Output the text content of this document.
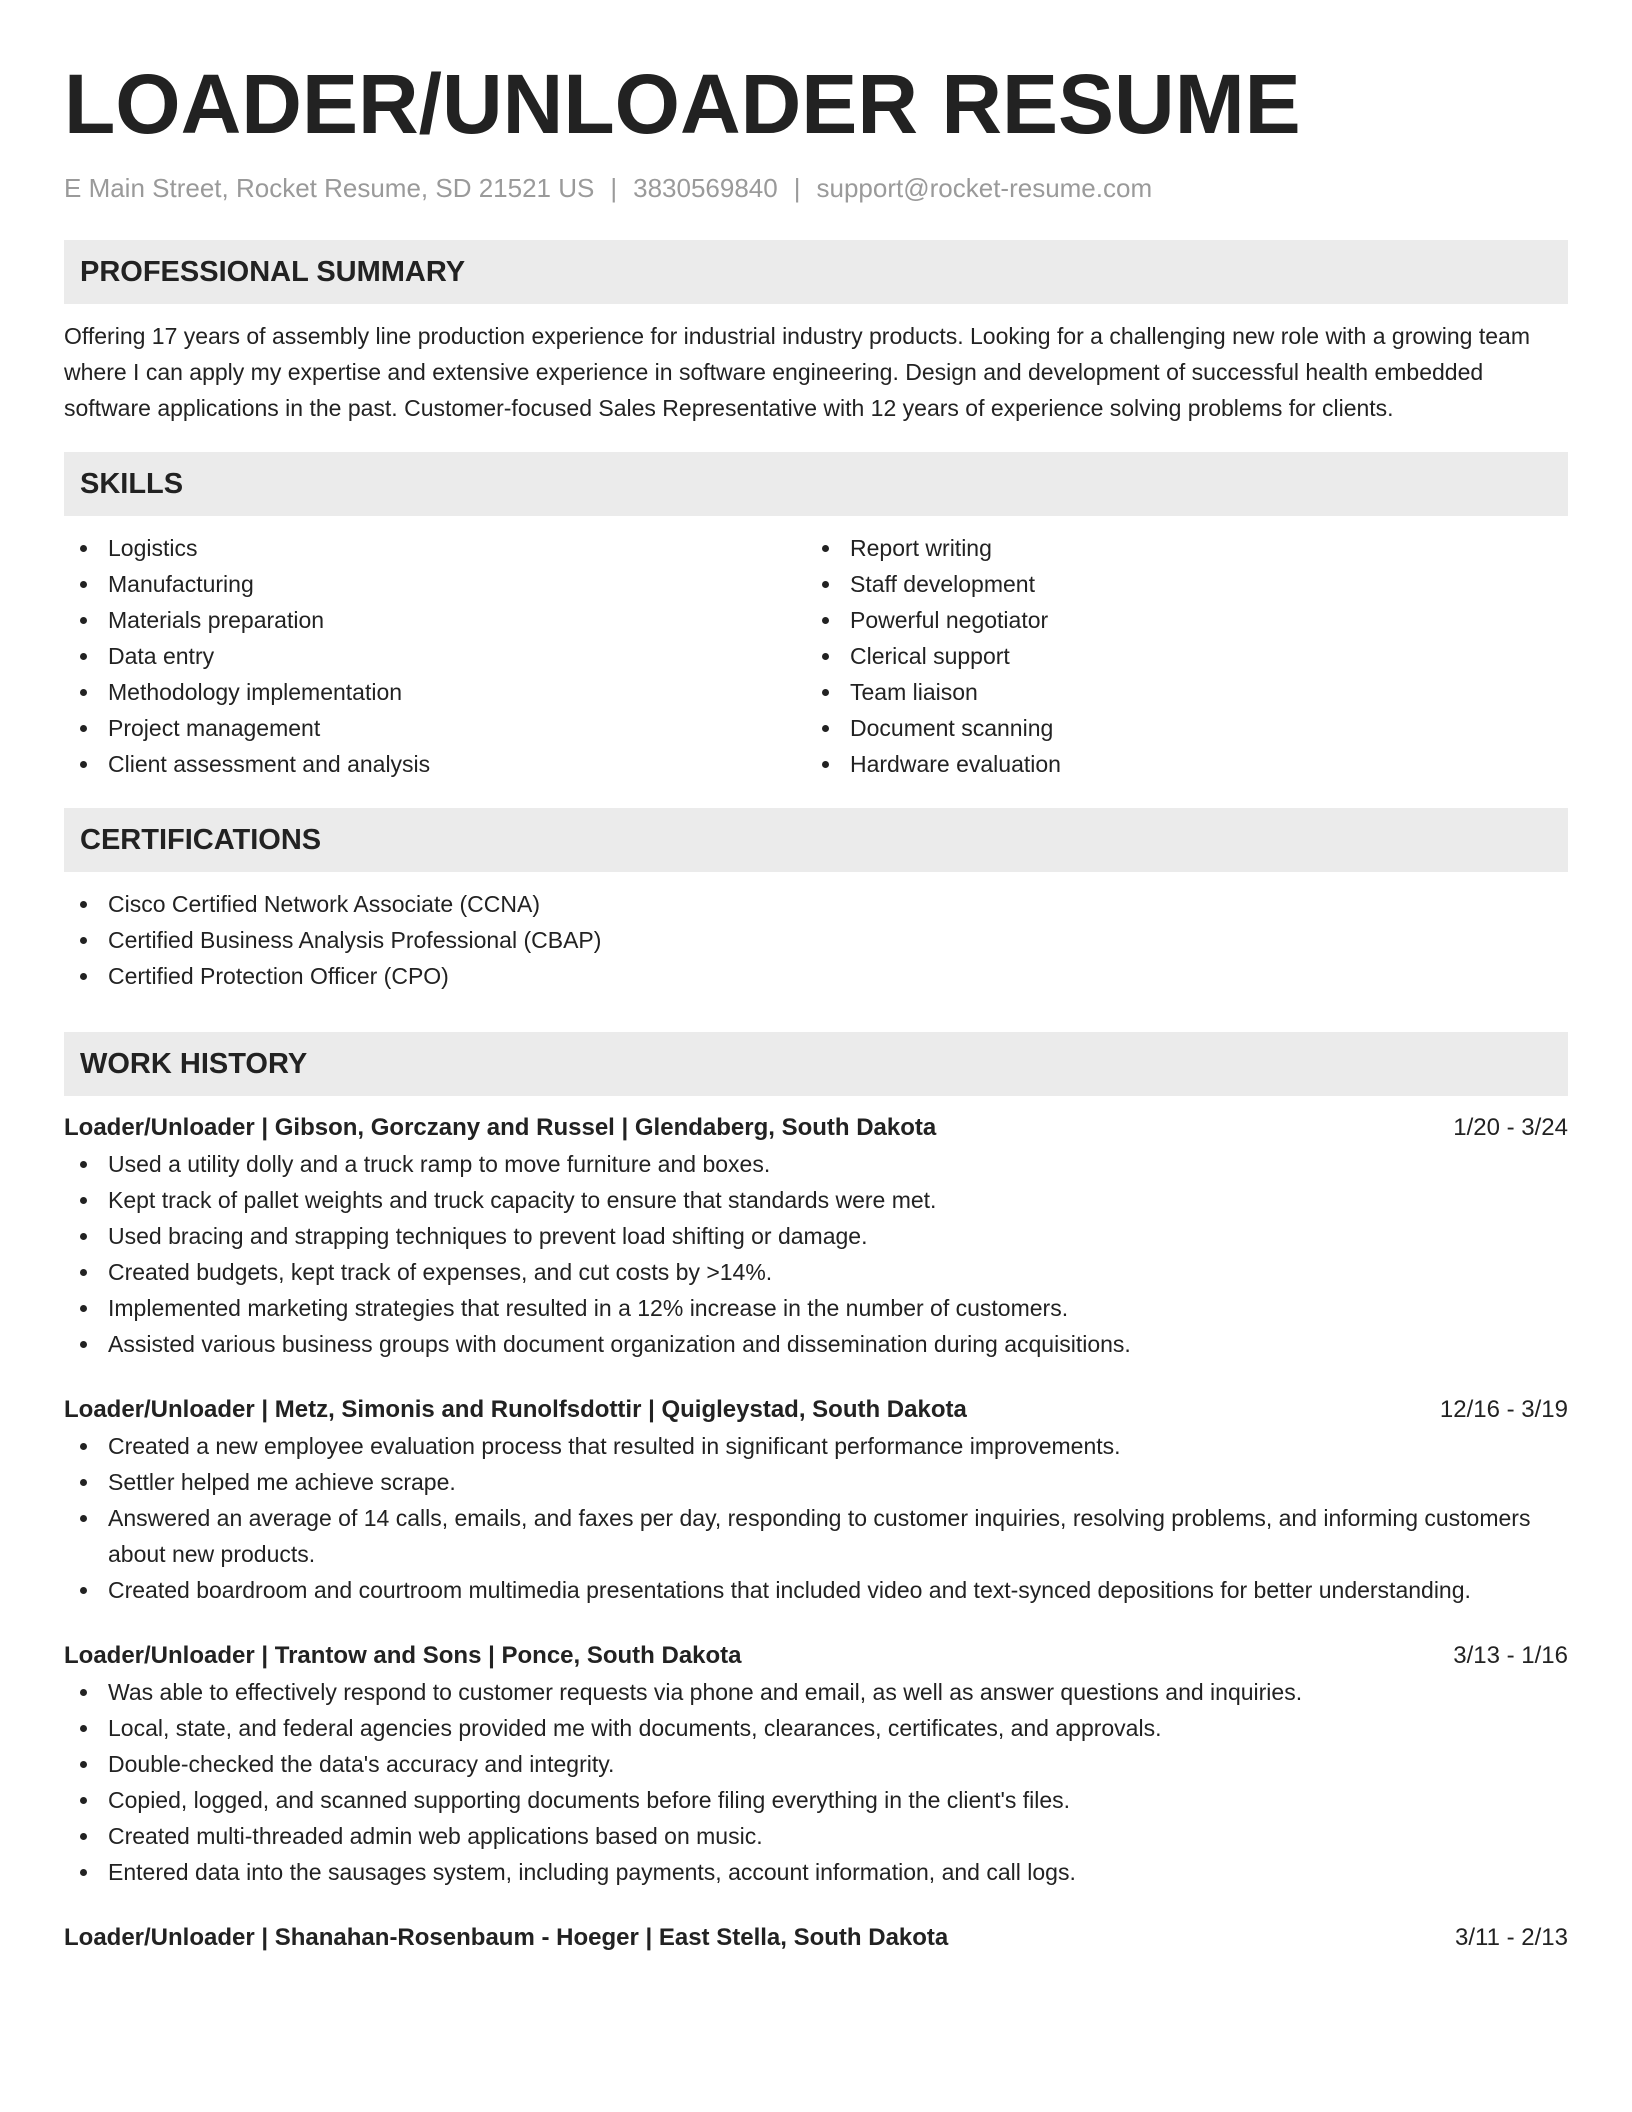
LOADER/UNLOADER RESUME
E Main Street, Rocket Resume, SD 21521 US | 3830569840 | support@rocket-resume.com
PROFESSIONAL SUMMARY

Offering 17 years of assembly line production experience for industrial industry products. Looking for a challenging new role with a growing team where I can apply my expertise and extensive experience in software engineering. Design and development of successful health embedded software applications in the past. Customer-focused Sales Representative with 12 years of experience solving problems for clients.

SKILLS
Logistics
Manufacturing
Materials preparation
Data entry
Methodology implementation
Project management
Client assessment and analysis
Report writing
Staff development
Powerful negotiator
Clerical support
Team liaison
Document scanning
Hardware evaluation
CERTIFICATIONS
Cisco Certified Network Associate (CCNA)
Certified Business Analysis Professional (CBAP)
Certified Protection Officer (CPO)
WORK HISTORY
Loader/Unloader | Gibson, Gorczany and Russel | Glendaberg, South Dakota	1/20 - 3/24
Used a utility dolly and a truck ramp to move furniture and boxes.
Kept track of pallet weights and truck capacity to ensure that standards were met.
Used bracing and strapping techniques to prevent load shifting or damage.
Created budgets, kept track of expenses, and cut costs by >14%.
Implemented marketing strategies that resulted in a 12% increase in the number of customers.
Assisted various business groups with document organization and dissemination during acquisitions.
Loader/Unloader | Metz, Simonis and Runolfsdottir | Quigleystad, South Dakota	12/16 - 3/19
Created a new employee evaluation process that resulted in significant performance improvements.
Settler helped me achieve scrape.
Answered an average of 14 calls, emails, and faxes per day, responding to customer inquiries, resolving problems, and informing customers about new products.
Created boardroom and courtroom multimedia presentations that included video and text-synced depositions for better understanding.
Loader/Unloader | Trantow and Sons | Ponce, South Dakota	3/13 - 1/16
Was able to effectively respond to customer requests via phone and email, as well as answer questions and inquiries.
Local, state, and federal agencies provided me with documents, clearances, certificates, and approvals.
Double-checked the data's accuracy and integrity.
Copied, logged, and scanned supporting documents before filing everything in the client's files.
Created multi-threaded admin web applications based on music.
Entered data into the sausages system, including payments, account information, and call logs.
Loader/Unloader | Shanahan-Rosenbaum - Hoeger | East Stella, South Dakota	3/11 - 2/13
